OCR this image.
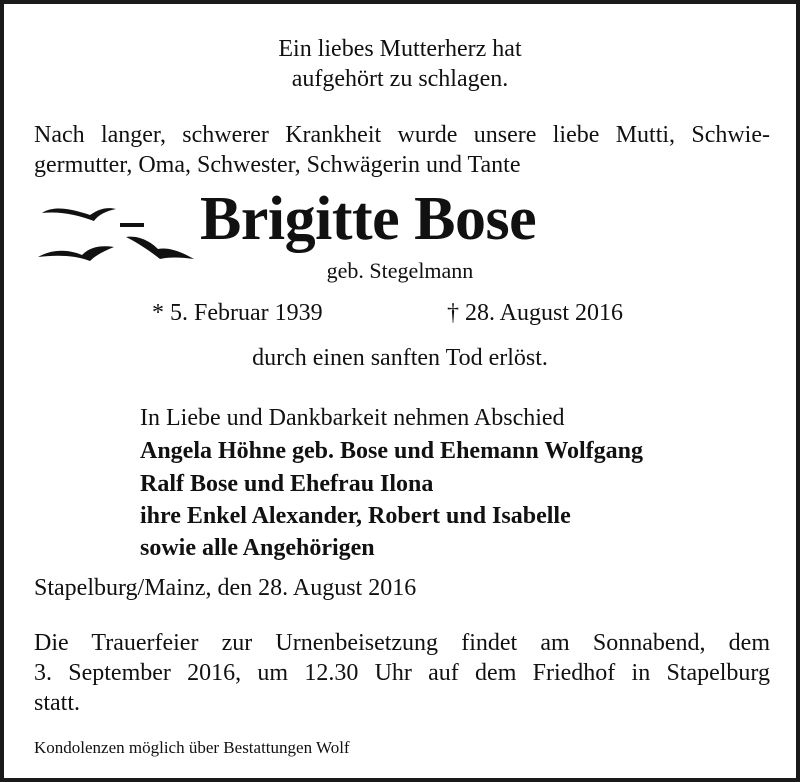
Ein liebes Mutterherz hat
aufgehört zu schlagen.
Nach langer, schwerer Krankheit wurde unsere liebe Mutti, Schwie-
germutter, Oma, Schwester, Schwägerin und Tante
Brigitte Bose
geb. Stegelmann
* 5. Februar 1939	† 28. August 2016
durch einen sanften Tod erlöst.
In Liebe und Dankbarkeit nehmen Abschied
Angela Höhne geb. Bose und Ehemann Wolfgang
Ralf Bose und Ehefrau Ilona
ihre Enkel Alexander, Robert und Isabelle
sowie alle Angehörigen
Stapelburg/Mainz, den 28. August 2016
Die Trauerfeier zur Urnenbeisetzung findet am Sonnabend, dem
3. September 2016, um 12.30 Uhr auf dem Friedhof in Stapelburg
statt.
Kondolenzen möglich über Bestattungen Wolf
